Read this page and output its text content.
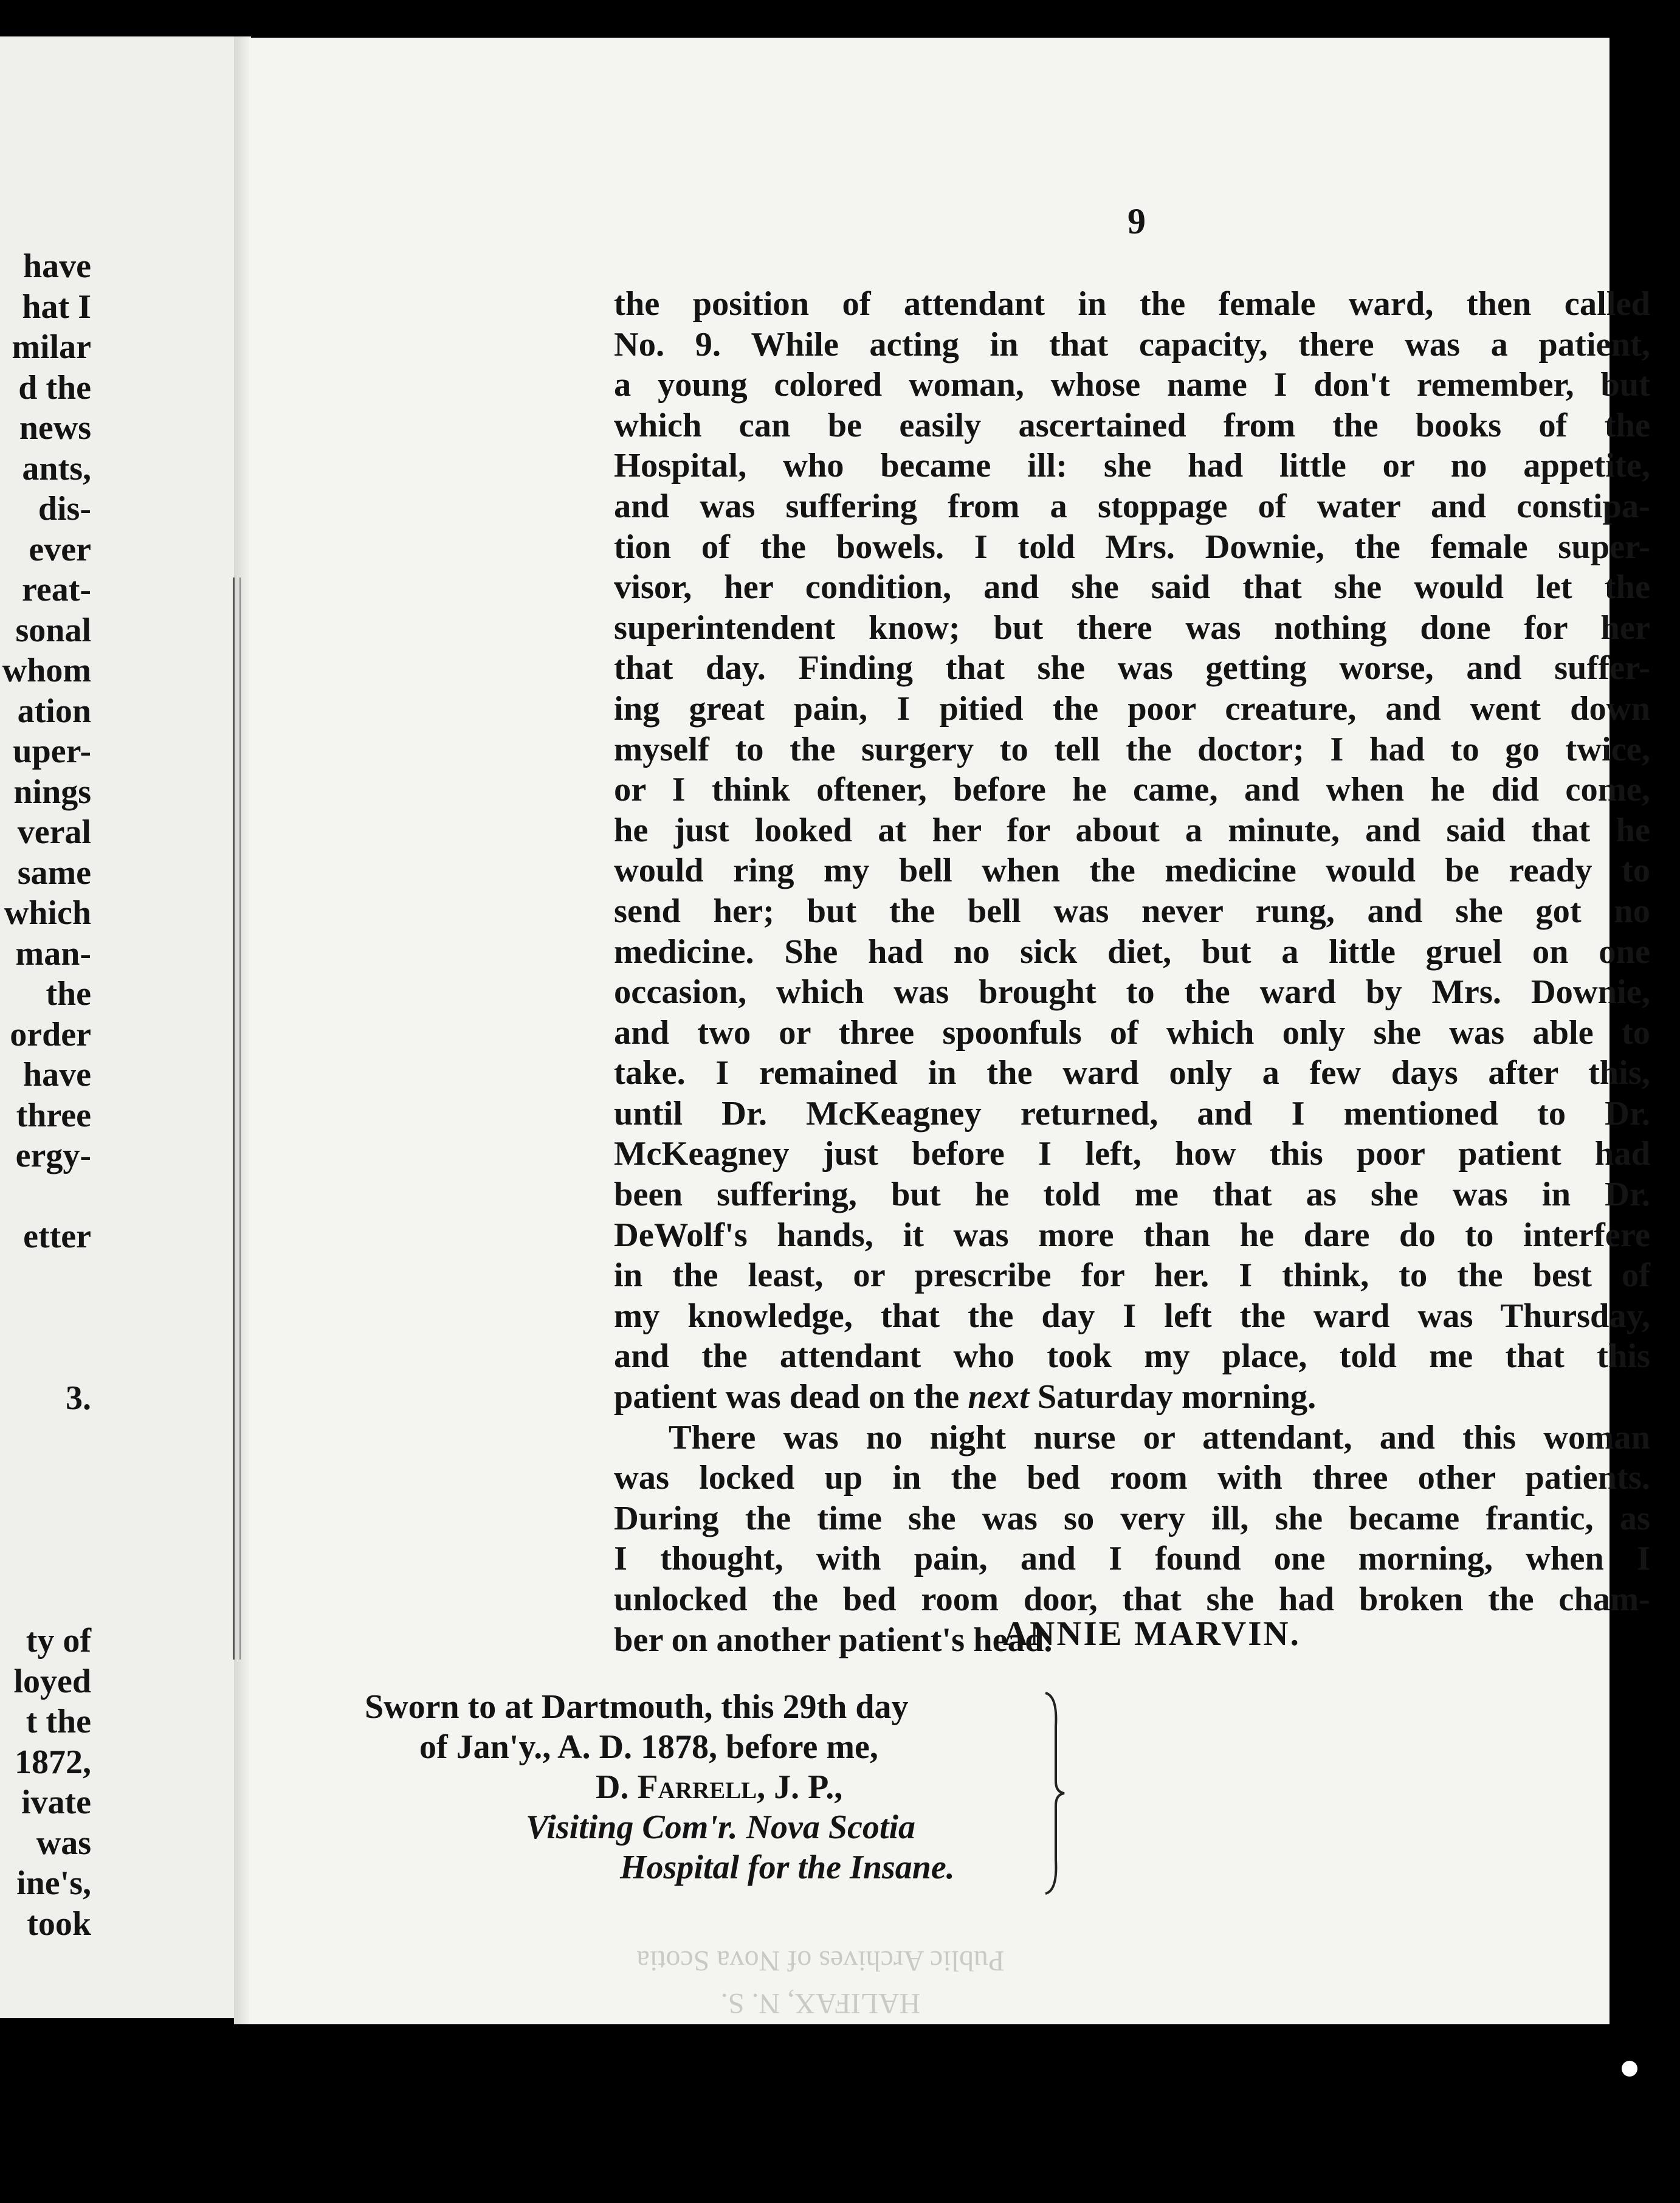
have
hat I
milar
d the
news
ants,
dis-
ever
reat-
sonal
whom
ation
uper-
nings
veral
same
which
man-
the
order
have
three
ergy-

etter

3.

ty of
loyed
t the
1872,
ivate
was
ine's,
took
9
the position of attendant in the female ward, then called
No. 9. While acting in that capacity, there was a patient,
a young colored woman, whose name I don't remember, but
which can be easily ascertained from the books of the
Hospital, who became ill: she had little or no appetite,
and was suffering from a stoppage of water and constipa-
tion of the bowels. I told Mrs. Downie, the female super-
visor, her condition, and she said that she would let the
superintendent know; but there was nothing done for her
that day. Finding that she was getting worse, and suffer-
ing great pain, I pitied the poor creature, and went down
myself to the surgery to tell the doctor; I had to go twice,
or I think oftener, before he came, and when he did come,
he just looked at her for about a minute, and said that he
would ring my bell when the medicine would be ready to
send her; but the bell was never rung, and she got no
medicine. She had no sick diet, but a little gruel on one
occasion, which was brought to the ward by Mrs. Downie,
and two or three spoonfuls of which only she was able to
take. I remained in the ward only a few days after this,
until Dr. McKeagney returned, and I mentioned to Dr.
McKeagney just before I left, how this poor patient had
been suffering, but he told me that as she was in Dr.
DeWolf's hands, it was more than he dare do to interfere
in the least, or prescribe for her. I think, to the best of
my knowledge, that the day I left the ward was Thursday,
and the attendant who took my place, told me that this
patient was dead on the next Saturday morning.
There was no night nurse or attendant, and this woman
was locked up in the bed room with three other patients.
During the time she was so very ill, she became frantic, as
I thought, with pain, and I found one morning, when I
unlocked the bed room door, that she had broken the cham-
ber on another patient's head.
ANNIE MARVIN.
Sworn to at Dartmouth, this 29th day
of Jan'y., A. D. 1878, before me,
D. Farrell, J. P.,
Visiting Com'r. Nova Scotia
Hospital for the Insane.
HALIFAX, N. S.
Public Archives of Nova Scotia
